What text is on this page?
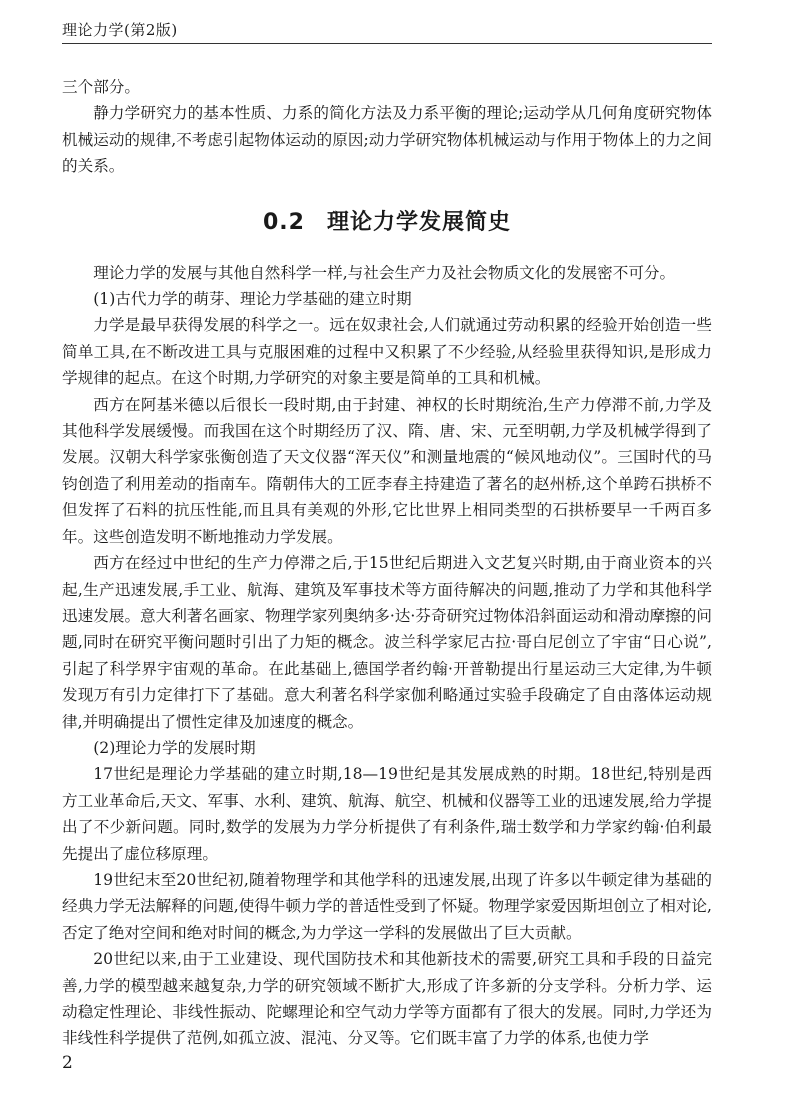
理论力学(第2版)

三个部分。

静力学研究力的基本性质、力系的简化方法及力系平衡的理论;运动学从几何角度研究物体机械运动的规律,不考虑引起物体运动的原因;动力学研究物体机械运动与作用于物体上的力之间的关系。

0.2 理论力学发展简史

理论力学的发展与其他自然科学一样,与社会生产力及社会物质文化的发展密不可分。

(1)古代力学的萌芽、理论力学基础的建立时期

力学是最早获得发展的科学之一。远在奴隶社会,人们就通过劳动积累的经验开始创造一些简单工具,在不断改进工具与克服困难的过程中又积累了不少经验,从经验里获得知识,是形成力学规律的起点。在这个时期,力学研究的对象主要是简单的工具和机械。

西方在阿基米德以后很长一段时期,由于封建、神权的长时期统治,生产力停滞不前,力学及其他科学发展缓慢。而我国在这个时期经历了汉、隋、唐、宋、元至明朝,力学及机械学得到了发展。汉朝大科学家张衡创造了天文仪器“浑天仪”和测量地震的“候风地动仪”。三国时代的马钧创造了利用差动的指南车。隋朝伟大的工匠李春主持建造了著名的赵州桥,这个单跨石拱桥不但发挥了石料的抗压性能,而且具有美观的外形,它比世界上相同类型的石拱桥要早一千两百多年。这些创造发明不断地推动力学发展。

西方在经过中世纪的生产力停滞之后,于15世纪后期进入文艺复兴时期,由于商业资本的兴起,生产迅速发展,手工业、航海、建筑及军事技术等方面待解决的问题,推动了力学和其他科学迅速发展。意大利著名画家、物理学家列奥纳多·达·芬奇研究过物体沿斜面运动和滑动摩擦的问题,同时在研究平衡问题时引出了力矩的概念。波兰科学家尼古拉·哥白尼创立了宇宙“日心说”,引起了科学界宇宙观的革命。在此基础上,德国学者约翰·开普勒提出行星运动三大定律,为牛顿发现万有引力定律打下了基础。意大利著名科学家伽利略通过实验手段确定了自由落体运动规律,并明确提出了惯性定律及加速度的概念。

(2)理论力学的发展时期

17世纪是理论力学基础的建立时期,18—19世纪是其发展成熟的时期。18世纪,特别是西方工业革命后,天文、军事、水利、建筑、航海、航空、机械和仪器等工业的迅速发展,给力学提出了不少新问题。同时,数学的发展为力学分析提供了有利条件,瑞士数学和力学家约翰·伯利最先提出了虚位移原理。

19世纪末至20世纪初,随着物理学和其他学科的迅速发展,出现了许多以牛顿定律为基础的经典力学无法解释的问题,使得牛顿力学的普适性受到了怀疑。物理学家爱因斯坦创立了相对论,否定了绝对空间和绝对时间的概念,为力学这一学科的发展做出了巨大贡献。

20世纪以来,由于工业建设、现代国防技术和其他新技术的需要,研究工具和手段的日益完善,力学的模型越来越复杂,力学的研究领域不断扩大,形成了许多新的分支学科。分析力学、运动稳定性理论、非线性振动、陀螺理论和空气动力学等方面都有了很大的发展。同时,力学还为非线性科学提供了范例,如孤立波、混沌、分叉等。它们既丰富了力学的体系,也使力学

2
